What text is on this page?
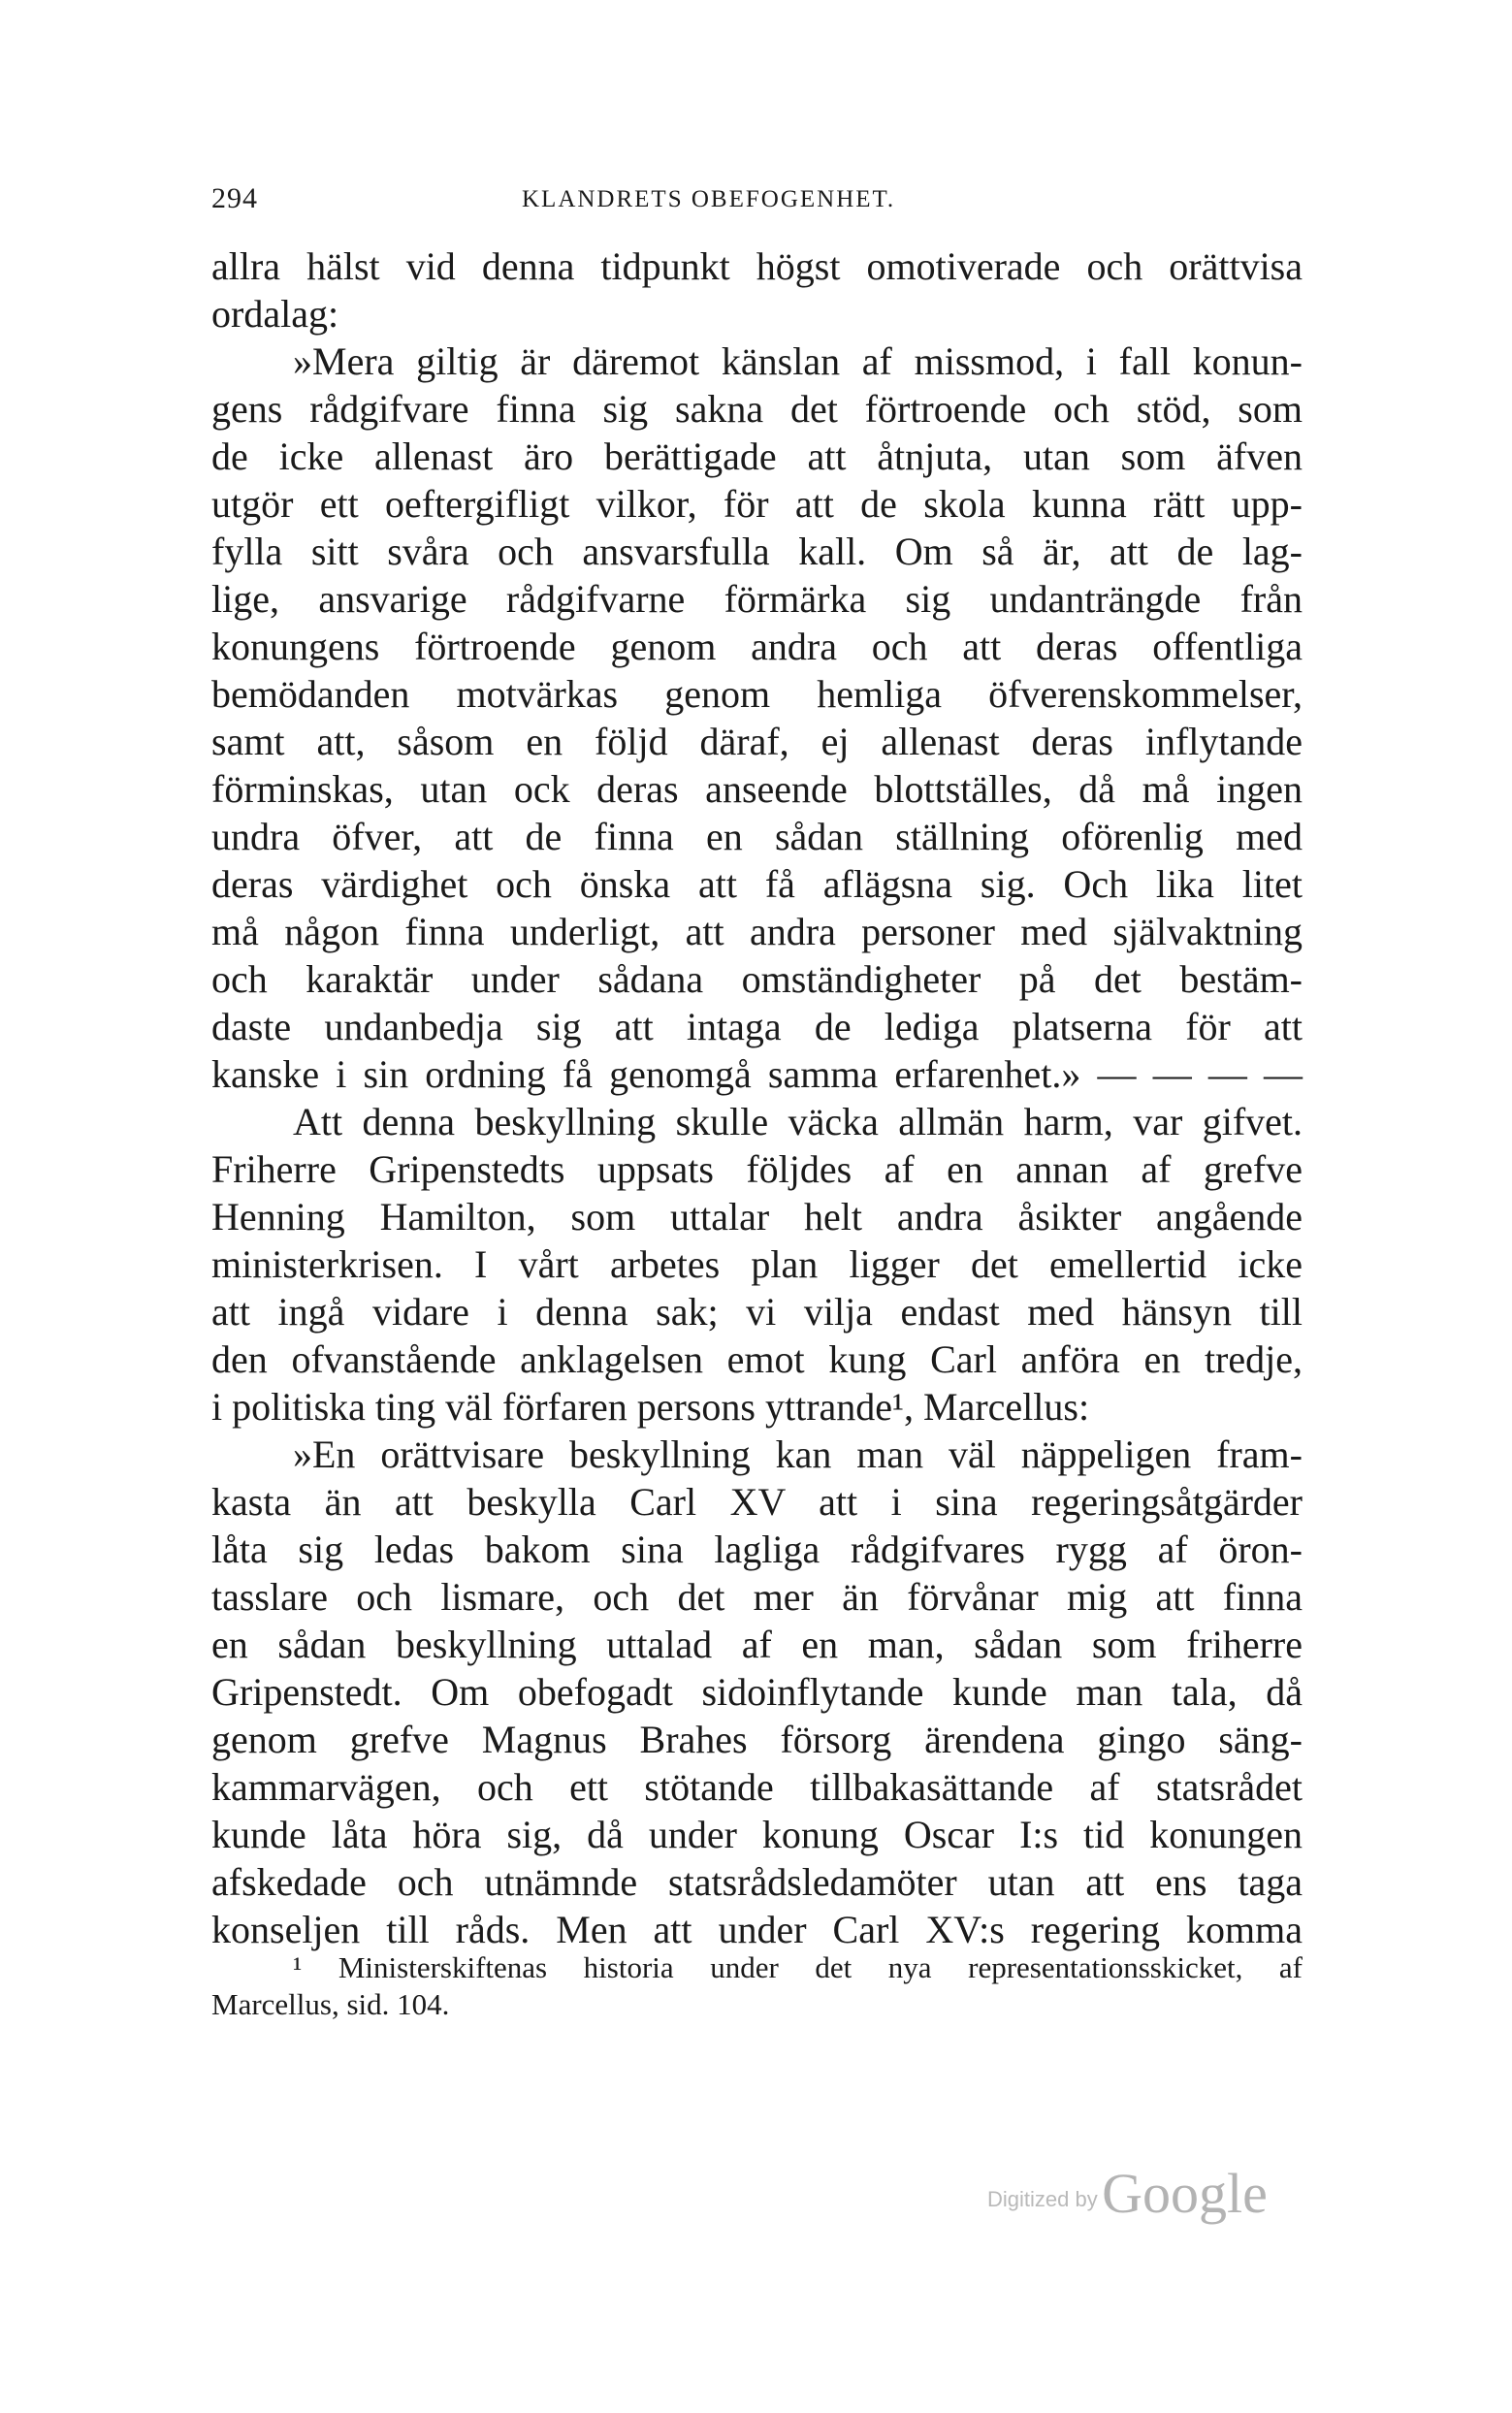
294	KLANDRETS OBEFOGENHET.
allra hälst vid denna tidpunkt högst omotiverade och orättvisa
ordalag:
»Mera giltig är däremot känslan af missmod, i fall konun-
gens rådgifvare finna sig sakna det förtroende och stöd, som
de icke allenast äro berättigade att åtnjuta, utan som äfven
utgör ett oeftergifligt vilkor, för att de skola kunna rätt upp-
fylla sitt svåra och ansvarsfulla kall. Om så är, att de lag-
lige, ansvarige rådgifvarne förmärka sig undanträngde från
konungens förtroende genom andra och att deras offentliga
bemödanden motvärkas genom hemliga öfverenskommelser,
samt att, såsom en följd däraf, ej allenast deras inflytande
förminskas, utan ock deras anseende blottställes, då må ingen
undra öfver, att de finna en sådan ställning oförenlig med
deras värdighet och önska att få aflägsna sig. Och lika litet
må någon finna underligt, att andra personer med självaktning
och karaktär under sådana omständigheter på det bestäm-
daste undanbedja sig att intaga de lediga platserna för att
kanske i sin ordning få genomgå samma erfarenhet.» — — — —
Att denna beskyllning skulle väcka allmän harm, var gifvet.
Friherre Gripenstedts uppsats följdes af en annan af grefve
Henning Hamilton, som uttalar helt andra åsikter angående
ministerkrisen. I vårt arbetes plan ligger det emellertid icke
att ingå vidare i denna sak; vi vilja endast med hänsyn till
den ofvanstående anklagelsen emot kung Carl anföra en tredje,
i politiska ting väl förfaren persons yttrande¹, Marcellus:
»En orättvisare beskyllning kan man väl näppeligen fram-
kasta än att beskylla Carl XV att i sina regeringsåtgärder
låta sig ledas bakom sina lagliga rådgifvares rygg af öron-
tasslare och lismare, och det mer än förvånar mig att finna
en sådan beskyllning uttalad af en man, sådan som friherre
Gripenstedt. Om obefogadt sidoinflytande kunde man tala, då
genom grefve Magnus Brahes försorg ärendena gingo säng-
kammarvägen, och ett stötande tillbakasättande af statsrådet
kunde låta höra sig, då under konung Oscar I:s tid konungen
afskedade och utnämnde statsrådsledamöter utan att ens taga
konseljen till råds. Men att under Carl XV:s regering komma
¹ Ministerskiftenas historia under det nya representationsskicket, af
Marcellus, sid. 104.
Digitized by Google
